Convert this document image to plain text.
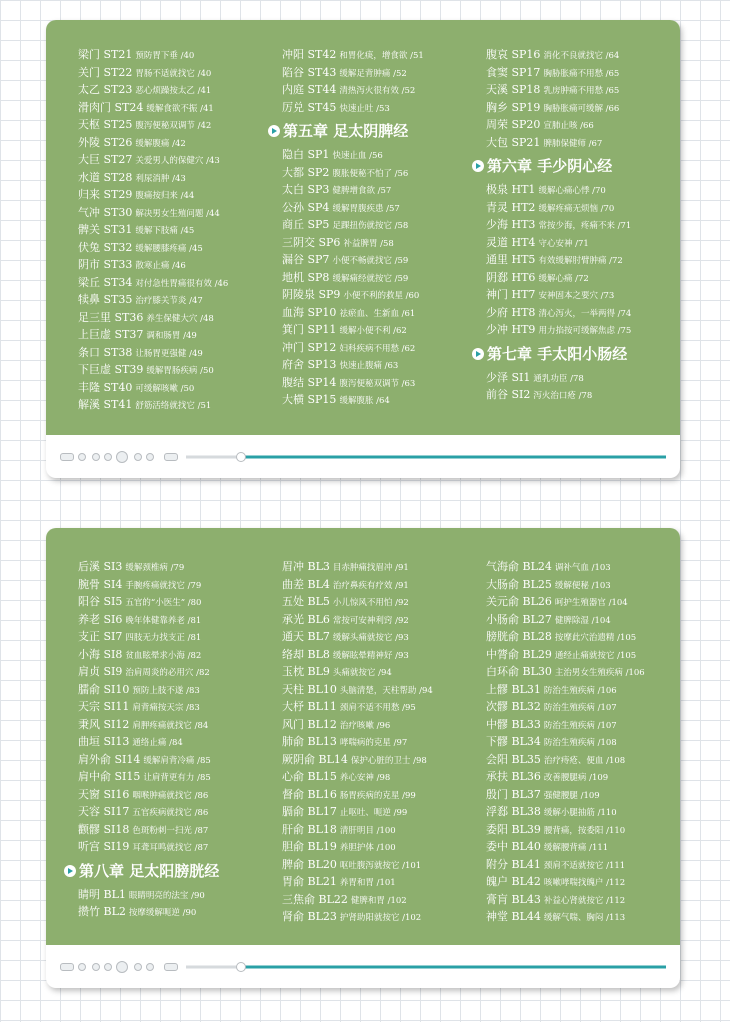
梁门 ST21 预防胃下垂 /40
关门 ST22 胃肠不适就找它 /40
太乙 ST23 恶心烦躁按太乙 /41
滑肉门 ST24 缓解食欲不振 /41
天枢 ST25 腹泻便秘双调节 /42
外陵 ST26 缓解腹痛 /42
大巨 ST27 关爱男人的保健穴 /43
水道 ST28 利尿消肿 /43
归来 ST29 腹痛按归来 /44
气冲 ST30 解决男女生殖问题 /44
髀关 ST31 缓解下肢痛 /45
伏兔 ST32 缓解腰膝疼痛 /45
阴市 ST33 散寒止痛 /46
梁丘 ST34 对付急性胃痛很有效 /46
犊鼻 ST35 治疗膝关节炎 /47
足三里 ST36 养生保健大穴 /48
上巨虚 ST37 调和肠胃 /49
条口 ST38 让肠胃更强健 /49
下巨虚 ST39 缓解胃肠疾病 /50
丰隆 ST40 可缓解咳嗽 /50
解溪 ST41 舒筋活络就找它 /51
冲阳 ST42 和胃化痰，增食欲 /51
陷谷 ST43 缓解足背肿痛 /52
内庭 ST44 清热泻火很有效 /52
厉兑 ST45 快速止吐 /53
第五章 足太阴脾经
隐白 SP1 快速止血 /56
大都 SP2 腹胀便秘不怕了 /56
太白 SP3 健脾增食欲 /57
公孙 SP4 缓解胃腹疾患 /57
商丘 SP5 足踝扭伤就按它 /58
三阴交 SP6 补益脾胃 /58
漏谷 SP7 小便不畅就找它 /59
地机 SP8 缓解痛经就按它 /59
阴陵泉 SP9 小便不利的救星 /60
血海 SP10 祛瘀血、生新血 /61
箕门 SP11 缓解小便不利 /62
冲门 SP12 妇科疾病不用愁 /62
府舍 SP13 快速止腹痛 /63
腹结 SP14 腹泻便秘双调节 /63
大横 SP15 缓解腹胀 /64
腹哀 SP16 消化不良就找它 /64
食窦 SP17 胸胁胀痛不用愁 /65
天溪 SP18 乳房肿痛不用愁 /65
胸乡 SP19 胸胁胀痛可缓解 /66
周荣 SP20 宣肺止咳 /66
大包 SP21 脾肺保健师 /67
第六章 手少阴心经
极泉 HT1 缓解心痛心悸 /70
青灵 HT2 缓解疼痛无烦恼 /70
少海 HT3 常按少海，疼痛不来 /71
灵道 HT4 守心安神 /71
通里 HT5 有效缓解肘臂肿痛 /72
阴郄 HT6 缓解心痛 /72
神门 HT7 安神固本之要穴 /73
少府 HT8 清心泻火，一举两得 /74
少冲 HT9 用力掐按可缓解焦虑 /75
第七章 手太阳小肠经
少泽 SI1 通乳功臣 /78
前谷 SI2 泻火治口疮 /78
后溪 SI3 缓解颈椎病 /79
腕骨 SI4 手腕疼痛就找它 /79
阳谷 SI5 五官的“小医生” /80
养老 SI6 晚年体健靠养老 /81
支正 SI7 四肢无力找支正 /81
小海 SI8 贫血眩晕求小海 /82
肩贞 SI9 治肩周炎的必用穴 /82
臑俞 SI10 预防上肢不遂 /83
天宗 SI11 肩背痛按天宗 /83
秉风 SI12 肩胛疼痛就找它 /84
曲垣 SI13 通络止痛 /84
肩外俞 SI14 缓解肩背冷痛 /85
肩中俞 SI15 让肩背更有力 /85
天窗 SI16 咽喉肿痛就找它 /86
天容 SI17 五官疾病就找它 /86
颧髎 SI18 色斑粉刺一扫光 /87
听宫 SI19 耳聋耳鸣就找它 /87
第八章 足太阳膀胱经
睛明 BL1 眼睛明亮的法宝 /90
攒竹 BL2 按摩缓解呃逆 /90
眉冲 BL3 目赤肿痛找眉冲 /91
曲差 BL4 治疗鼻疾有疗效 /91
五处 BL5 小儿惊风不用怕 /92
承光 BL6 常按可安神利窍 /92
通天 BL7 缓解头痛就按它 /93
络却 BL8 缓解眩晕精神好 /93
玉枕 BL9 头痛就按它 /94
天柱 BL10 头脑清楚，天柱帮助 /94
大杼 BL11 颈肩不适不用愁 /95
风门 BL12 治疗咳嗽 /96
肺俞 BL13 哮喘病的克星 /97
厥阴俞 BL14 保护心脏的卫士 /98
心俞 BL15 养心安神 /98
督俞 BL16 肠胃疾病的克星 /99
膈俞 BL17 止呕吐、呃逆 /99
肝俞 BL18 清肝明目 /100
胆俞 BL19 养胆护体 /100
脾俞 BL20 呕吐腹泻就按它 /101
胃俞 BL21 养胃和胃 /101
三焦俞 BL22 健脾和胃 /102
肾俞 BL23 护肾助阳就按它 /102
气海俞 BL24 调补气血 /103
大肠俞 BL25 缓解便秘 /103
关元俞 BL26 呵护生殖器官 /104
小肠俞 BL27 健脾除湿 /104
膀胱俞 BL28 按摩此穴治遗精 /105
中膂俞 BL29 通经止痛就按它 /105
白环俞 BL30 主治男女生殖疾病 /106
上髎 BL31 防治生殖疾病 /106
次髎 BL32 防治生殖疾病 /107
中髎 BL33 防治生殖疾病 /107
下髎 BL34 防治生殖疾病 /108
会阳 BL35 治疗痔疮、便血 /108
承扶 BL36 改善腰腿病 /109
殷门 BL37 强健腰腿 /109
浮郄 BL38 缓解小腿抽筋 /110
委阳 BL39 腰背痛，按委阳 /110
委中 BL40 缓解腰背痛 /111
附分 BL41 颈肩不适就按它 /111
魄户 BL42 咳嗽哮喘找魄户 /112
膏肓 BL43 补益心肾就按它 /112
神堂 BL44 缓解气喘、胸闷 /113
